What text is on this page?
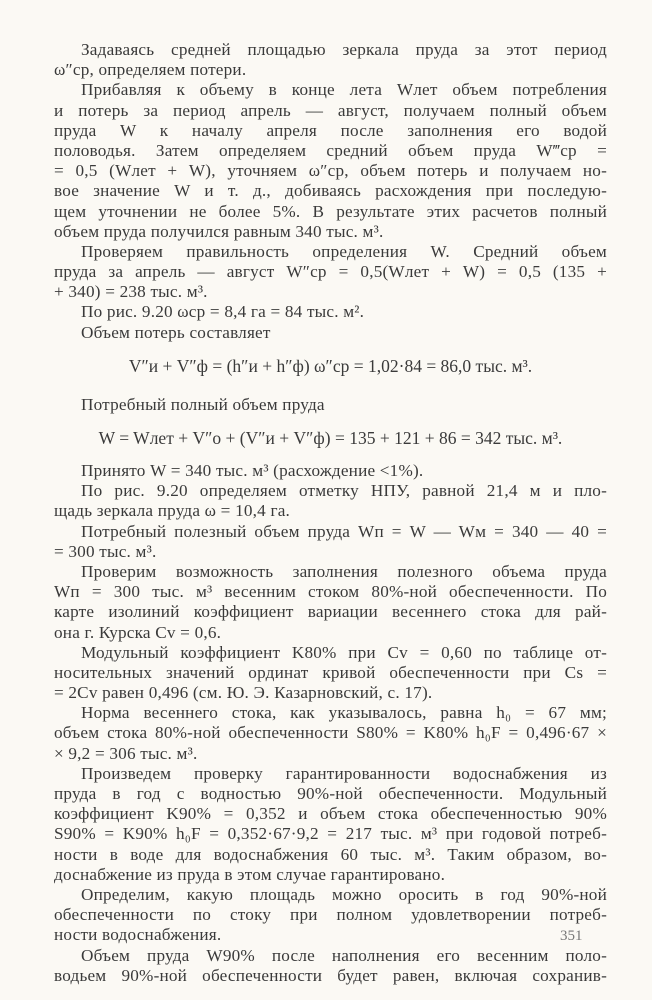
Задаваясь средней площадью зеркала пруда за этот период
ω″ср, определяем потери.
Прибавляя к объему в конце лета Wлет объем потребления
и потерь за период апрель — август, получаем полный объем
пруда W к началу апреля после заполнения его водой
половодья. Затем определяем средний объем пруда W‴ср =
= 0,5 (Wлет + W), уточняем ω″ср, объем потерь и получаем но-
вое значение W и т. д., добиваясь расхождения при последую-
щем уточнении не более 5%. В результате этих расчетов полный
объем пруда получился равным 340 тыс. м³.
Проверяем правильность определения W. Средний объем
пруда за апрель — август W″ср = 0,5(Wлет + W) = 0,5 (135 +
+ 340) = 238 тыс. м³.
По рис. 9.20 ωср = 8,4 га = 84 тыс. м².
Объем потерь составляет
V″и + V″ф = (h″и + h″ф) ω″ср = 1,02·84 = 86,0 тыс. м³.
Потребный полный объем пруда
W = Wлет + V″о + (V″и + V″ф) = 135 + 121 + 86 = 342 тыс. м³.
Принято W = 340 тыс. м³ (расхождение <1%).
По рис. 9.20 определяем отметку НПУ, равной 21,4 м и пло-
щадь зеркала пруда ω = 10,4 га.
Потребный полезный объем пруда Wп = W — Wм = 340 — 40 =
= 300 тыс. м³.
Проверим возможность заполнения полезного объема пруда
Wп = 300 тыс. м³ весенним стоком 80%-ной обеспеченности. По
карте изолиний коэффициент вариации весеннего стока для рай-
она г. Курска Cv = 0,6.
Модульный коэффициент K80% при Cv = 0,60 по таблице от-
носительных значений ординат кривой обеспеченности при Cs =
= 2Cv равен 0,496 (см. Ю. Э. Казарновский, с. 17).
Норма весеннего стока, как указывалось, равна h₀ = 67 мм;
объем стока 80%-ной обеспеченности S80% = K80% h₀F = 0,496·67 ×
× 9,2 = 306 тыс. м³.
Произведем проверку гарантированности водоснабжения из
пруда в год с водностью 90%-ной обеспеченности. Модульный
коэффициент K90% = 0,352 и объем стока обеспеченностью 90%
S90% = K90% h₀F = 0,352·67·9,2 = 217 тыс. м³ при годовой потреб-
ности в воде для водоснабжения 60 тыс. м³. Таким образом, во-
доснабжение из пруда в этом случае гарантировано.
Определим, какую площадь можно оросить в год 90%-ной
обеспеченности по стоку при полном удовлетворении потреб-
ности водоснабжения.
Объем пруда W90% после наполнения его весенним поло-
водьем 90%-ной обеспеченности будет равен, включая сохранив-
351
